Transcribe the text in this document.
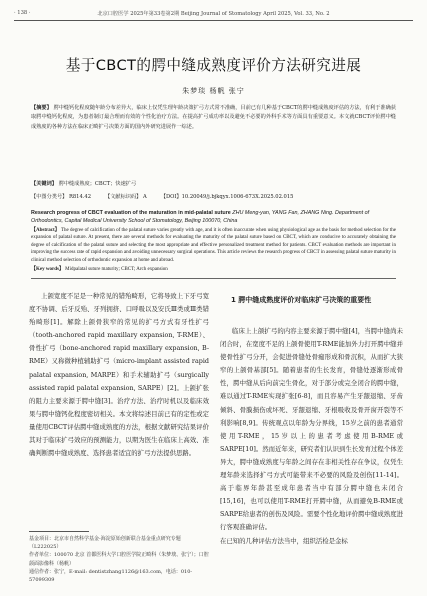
· 138 ·	北京口腔医学 2025年第33卷第2期 Beijing Journal of Stomatology April 2025, Vol. 33, No. 2
基于CBCT的腭中缝成熟度评价方法研究进展
朱梦琰 杨帆 张宁
【摘要】 腭中缝钙化程度随年龄分布差异大，临床上仅凭生理年龄决策扩弓方式常不准确，目前已有几种基于CBCT的腭中缝成熟度评估的方法，有利于准确获取腭中缝钙化程度，为患者制订最合理而有效的个性化治疗方法。在提高扩弓成功率以及避免不必要的外科手术等方面具有重要意义。本文就CBCT评价腭中缝成熟度的各种方法在临床正畸扩弓决策方面的国内外研究进展作一综述。
【关键词】 腭中缝成熟度；CBCT；快速扩弓
【中图分类号】 R814.42	【文献标识码】 A	【DOI】10.20049/j.bjkqyx.1006-673X.2025.02.015
Research progress of CBCT evaluation of the maturation in mid-palatal suture ZHU Meng-yan, YANG Fan, ZHANG Ning. Department of Orthodontics, Capital Medical University School of Stomatology, Beijing 100070, China
【Abstract】 The degree of calcification of the palatal suture varies greatly with age, and it is often inaccurate when using physiological age as the basis for method selection for the expansion of palatal suture. At present, there are several methods for evaluating the maturity of the palatal suture based on CBCT, which are conducive to accurately obtaining the degree of calcification of the palatal suture and selecting the most appropriate and effective personalized treatment method for patients. CBCT evaluation methods are important in improving the success rate of rapid expansion and avoiding unnecessary surgical operations. This article reviews the research progress of CBCT in assessing palatal suture maturity in clinical method selection of orthodontic expansion at home and abroad.
【Key words】 Midpalatal suture maturity; CBCT; Arch expansion
上颌宽度不足是一种常见的错殆畸形，它将导致上下牙弓宽度不协调、后牙反殆、牙列拥挤、口呼吸以及安氏Ⅲ类或Ⅲ类错殆畸形[1]。解除上颌骨狭窄的常见的扩弓方式有牙性扩弓（tooth-anchored rapid maxillary expansion, T-RME）、骨性扩弓（bone-anchored rapid maxillary expansion, B-RME）又称微种植辅助扩弓（micro-implant assisted rapid palatal expansion, MARPE）和手术辅助扩弓（surgically assisted rapid palatal expansion, SARPE）[2]。上颌扩张的阻力主要来源于腭中缝[3]。治疗方法、治疗时机以及临床效果与腭中缝钙化程度密切相关。本文将综述目前已有的定性或定量使用CBCT评估腭中缝成熟度的方法，根据文献研究结果评价其对于临床扩弓效应的预测能力，以期为医生在临床上高效、准确判断腭中缝成熟度、选择患者适宜的扩弓方法提供思路。
1 腭中缝成熟度评价对临床扩弓决策的重要性
临床上上颌扩弓的内容主要来源于腭中缝[4]，当腭中缝尚未闭合时，在宽度不足的上颌骨使用T-RME能加外力打开腭中缝并使骨性扩弓分开，会促进骨缝处骨痂形成和骨沉积，从而扩大狭窄的上颌骨基部[5]。随着患者的生长发育，骨缝处逐渐形成骨性，腭中缝从后向前完生骨化，对于部分或完全闭合的腭中缝，难以通过T-RME实现扩张[6-8]，而且容易产生牙龈退缩、牙齿倾斜、骨膜损伤或坏死、牙龈退缩、牙根吸收及骨开窗开裂等不利影响[8,9]。传统观点以年龄为分界线，15岁之前的患者通常使用T-RME，15岁以上的患者考虑使用B-RME或SARPE[10]。然而近年来，研究者们认识到生长发育过程个体差异大，腭中缝成熟度与年龄之间存在非相关性存在争议，仅凭生理年龄来选择扩弓方式可能带来不必要的风险及创伤[11-14]。高于临界年龄甚至成年患者当中有部分腭中缝也未闭合[15,16]，也可以使用T-RME打开腭中缝，从而避免B-RME或SARPE给患者的创伤及风险。需要个性化地评价腭中缝成熟度进行客观准确评估。
在已知的几种评估方法当中，组织活检是金标
基金项目：北京市自然科学基金-海淀原始创新联合基金重点研究专题（L222025）
作者单位：100070 北京 首都医科大学口腔医学院正畸科（朱梦琰、张宁）；口腔颌面影像科（杨帆）
通信作者：张宁，E-mail: dentistzhang1126@163.com，电话：010-57099309
